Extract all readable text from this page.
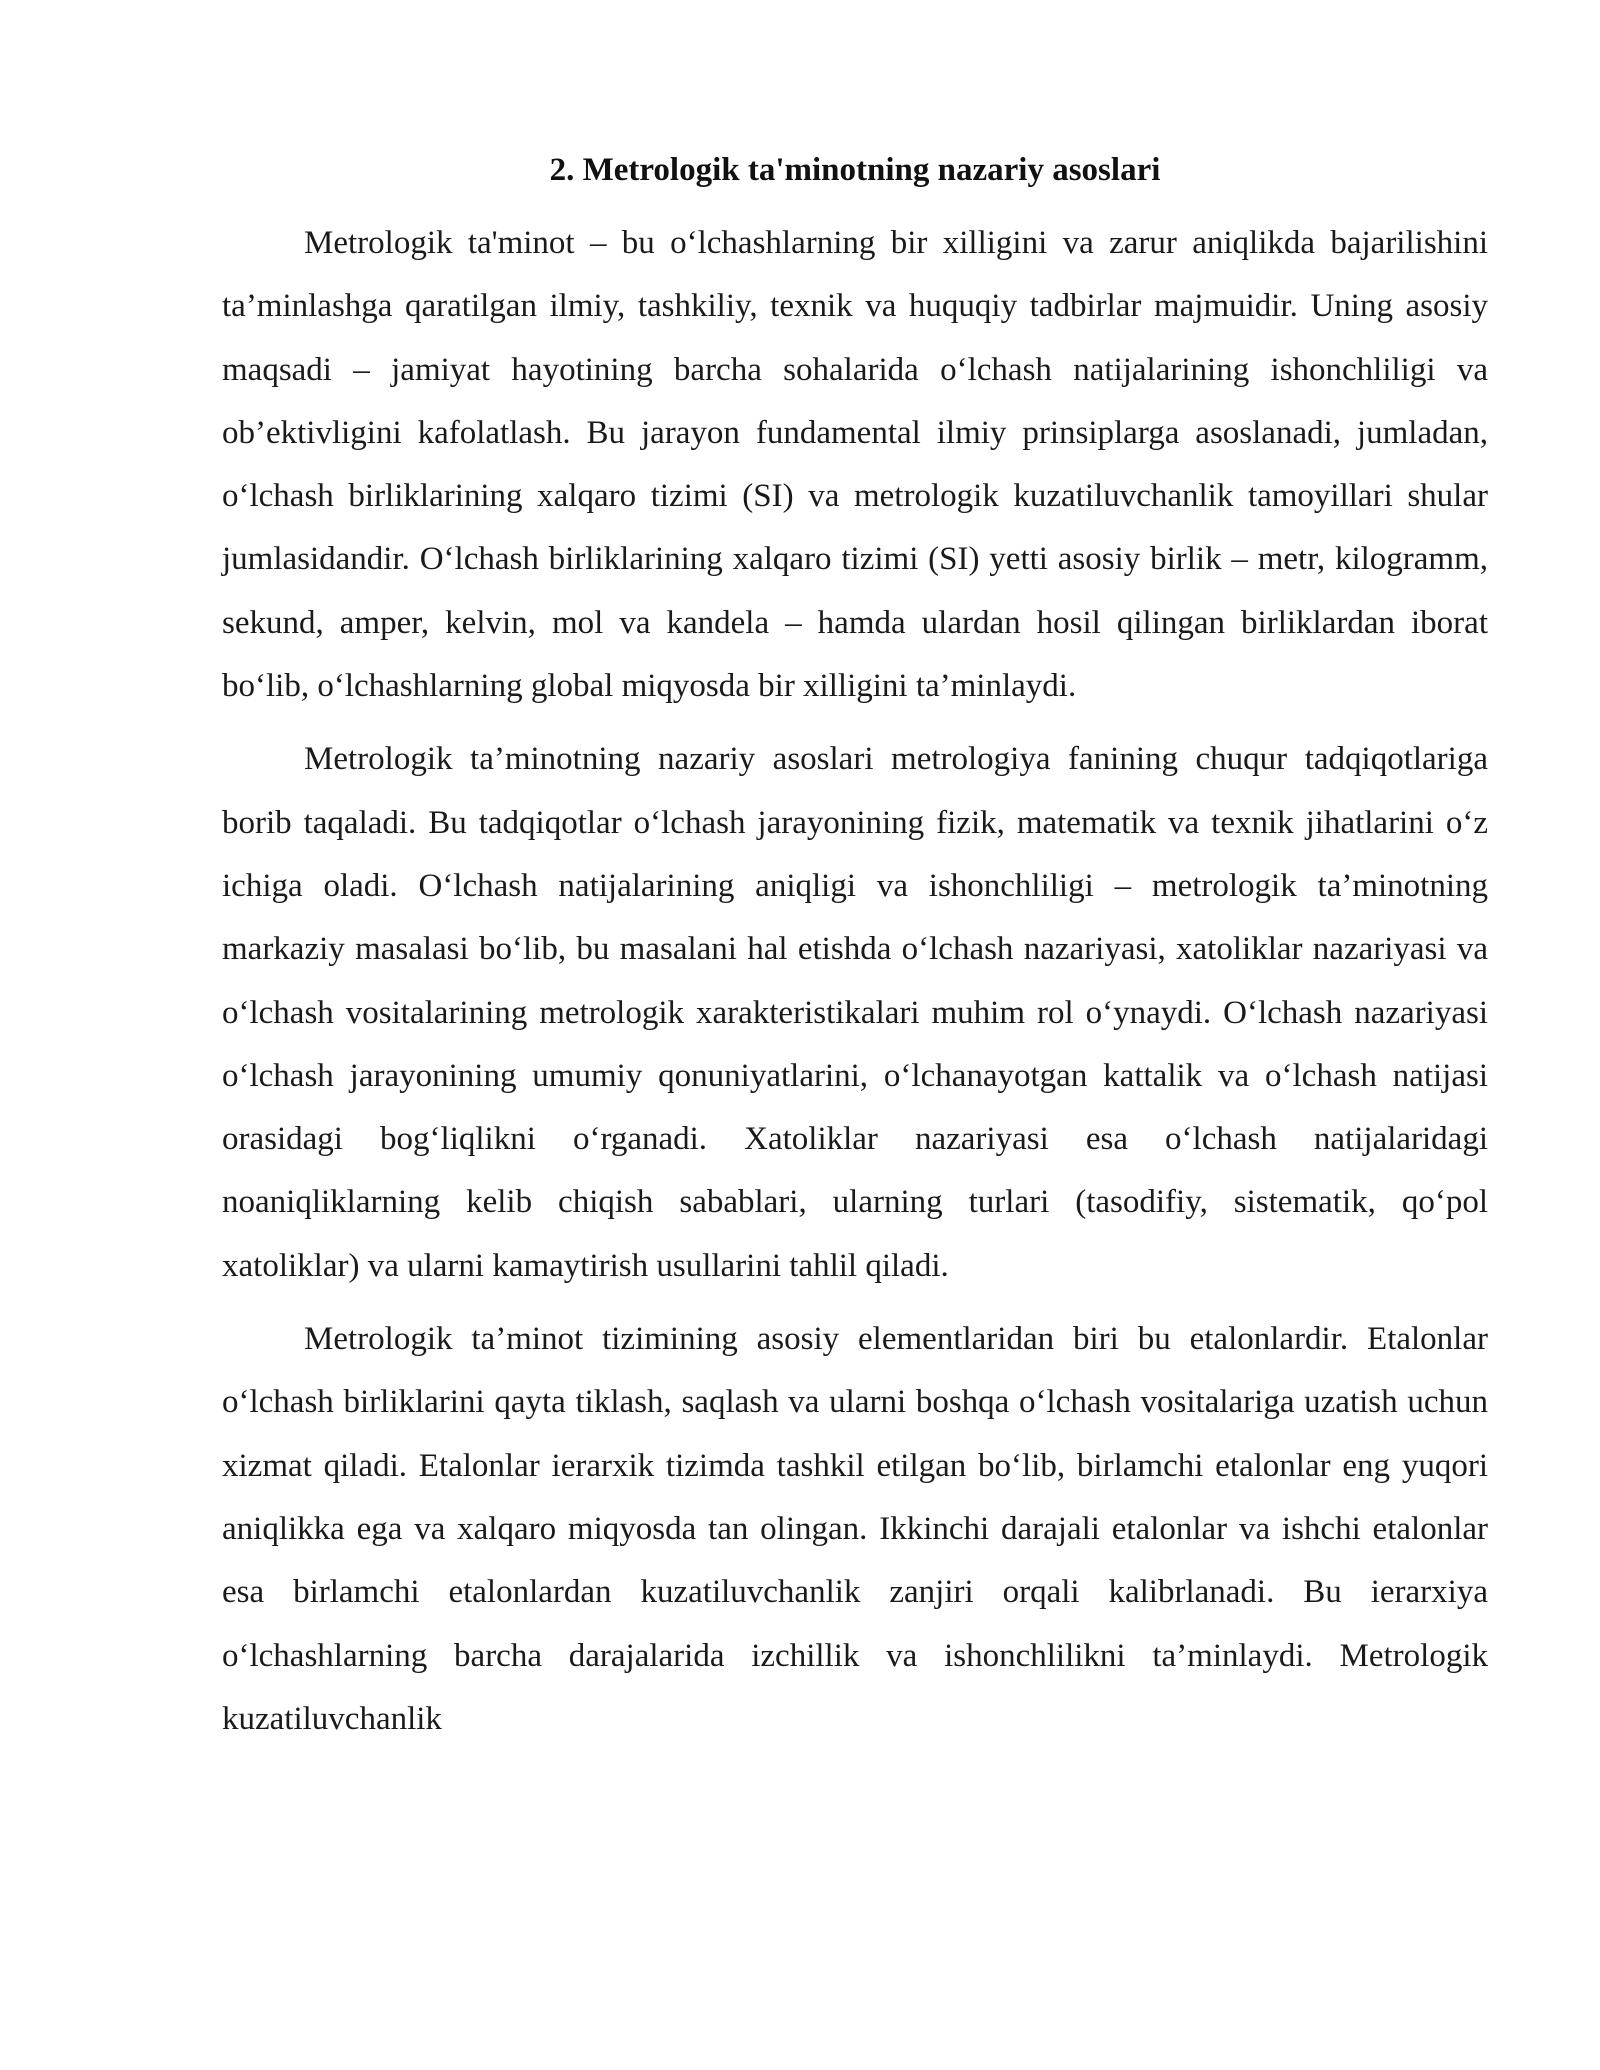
2. Metrologik ta'minotning nazariy asoslari

Metrologik ta'minot – bu o‘lchashlarning bir xilligini va zarur aniqlikda bajarilishini ta’minlashga qaratilgan ilmiy, tashkiliy, texnik va huquqiy tadbirlar majmuidir. Uning asosiy maqsadi – jamiyat hayotining barcha sohalarida o‘lchash natijalarining ishonchliligi va ob’ektivligini kafolatlash. Bu jarayon fundamental ilmiy prinsiplarga asoslanadi, jumladan, o‘lchash birliklarining xalqaro tizimi (SI) va metrologik kuzatiluvchanlik tamoyillari shular jumlasidandir. O‘lchash birliklarining xalqaro tizimi (SI) yetti asosiy birlik – metr, kilogramm, sekund, amper, kelvin, mol va kandela – hamda ulardan hosil qilingan birliklardan iborat bo‘lib, o‘lchashlarning global miqyosda bir xilligini ta’minlaydi.

Metrologik ta’minotning nazariy asoslari metrologiya fanining chuqur tadqiqotlariga borib taqaladi. Bu tadqiqotlar o‘lchash jarayonining fizik, matematik va texnik jihatlarini o‘z ichiga oladi. O‘lchash natijalarining aniqligi va ishonchliligi – metrologik ta’minotning markaziy masalasi bo‘lib, bu masalani hal etishda o‘lchash nazariyasi, xatoliklar nazariyasi va o‘lchash vositalarining metrologik xarakteristikalari muhim rol o‘ynaydi. O‘lchash nazariyasi o‘lchash jarayonining umumiy qonuniyatlarini, o‘lchanayotgan kattalik va o‘lchash natijasi orasidagi bog‘liqlikni o‘rganadi. Xatoliklar nazariyasi esa o‘lchash natijalaridagi noaniqliklarning kelib chiqish sabablari, ularning turlari (tasodifiy, sistematik, qo‘pol xatoliklar) va ularni kamaytirish usullarini tahlil qiladi.

Metrologik ta’minot tizimining asosiy elementlaridan biri bu etalonlardir. Etalonlar o‘lchash birliklarini qayta tiklash, saqlash va ularni boshqa o‘lchash vositalariga uzatish uchun xizmat qiladi. Etalonlar ierarxik tizimda tashkil etilgan bo‘lib, birlamchi etalonlar eng yuqori aniqlikka ega va xalqaro miqyosda tan olingan. Ikkinchi darajali etalonlar va ishchi etalonlar esa birlamchi etalonlardan kuzatiluvchanlik zanjiri orqali kalibrlanadi. Bu ierarxiya o‘lchashlarning barcha darajalarida izchillik va ishonchlilikni ta’minlaydi. Metrologik kuzatiluvchanlik
